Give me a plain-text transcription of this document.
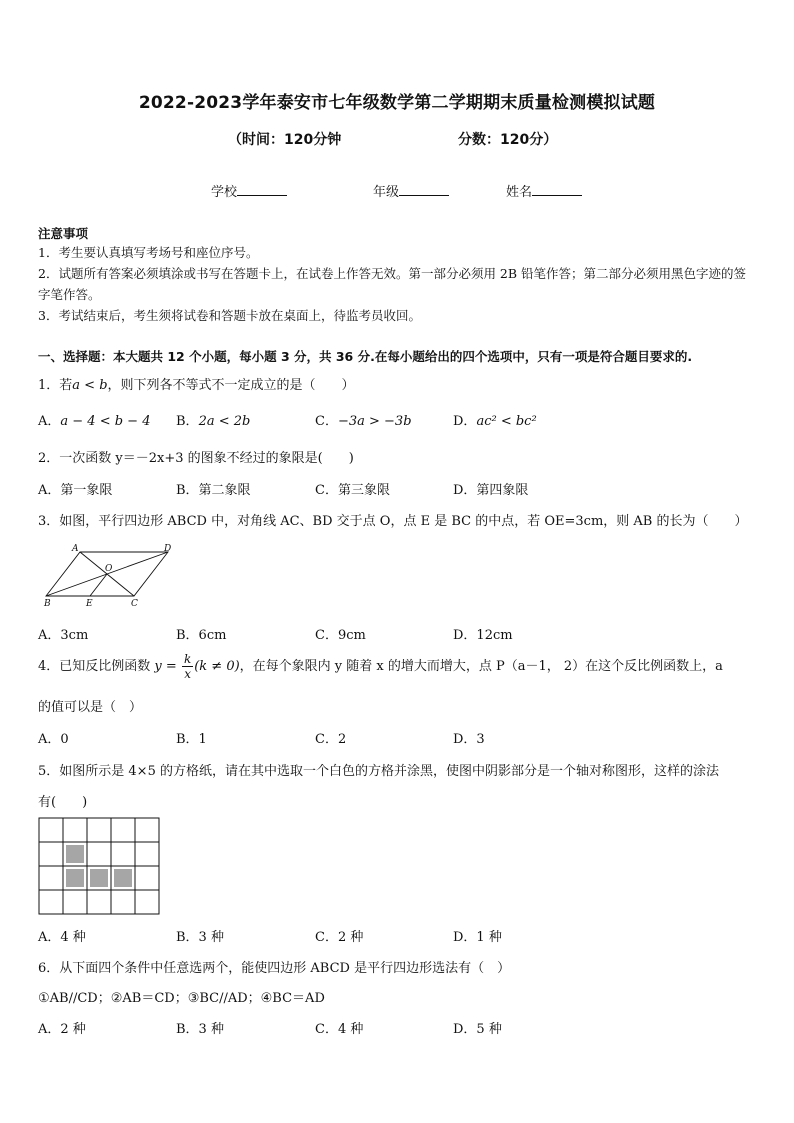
2022-2023学年泰安市七年级数学第二学期期末质量检测模拟试题
（时间：120分钟	分数：120分）
学校	年级	姓名
注意事项
1．考生要认真填写考场号和座位序号。
2．试题所有答案必须填涂或书写在答题卡上，在试卷上作答无效。第一部分必须用 2B 铅笔作答；第二部分必须用黑色字迹的签字笔作答。
3．考试结束后，考生须将试卷和答题卡放在桌面上，待监考员收回。
一、选择题：本大题共 12 个小题，每小题 3 分，共 36 分.在每小题给出的四个选项中，只有一项是符合题目要求的.
1．若a < b，则下列各不等式不一定成立的是（　　）
A．a − 4 < b − 4 B．2a < 2b	C．−3a > −3b	D．ac² < bc²
2．一次函数 y＝－2x+3 的图象不经过的象限是(　　)
A．第一象限	B．第二象限	C．第三象限	D．第四象限
3．如图，平行四边形 ABCD 中，对角线 AC、BD 交于点 O，点 E 是 BC 的中点，若 OE=3cm，则 AB 的长为（　　）
A	D
O
B	E	C
A．3cm	B．6cm	C．9cm	D．12cm
4．已知反比例函数 $y = \frac{k}{x} (k \ne 0)$，在每个象限内 y 随着 x 的增大而增大，点 P（a－1， 2）在这个反比例函数上，a
的值可以是（　）
A．0	B．1	C．2	D．3
5．如图所示是 4×5 的方格纸，请在其中选取一个白色的方格并涂黑，使图中阴影部分是一个轴对称图形，这样的涂法
有(　　)
A．4 种	B．3 种	C．2 种	D．1 种
6．从下面四个条件中任意选两个，能使四边形 ABCD 是平行四边形选法有（　）
①AB//CD；②AB＝CD；③BC//AD；④BC＝AD
A．2 种	B．3 种	C．4 种	D．5 种
